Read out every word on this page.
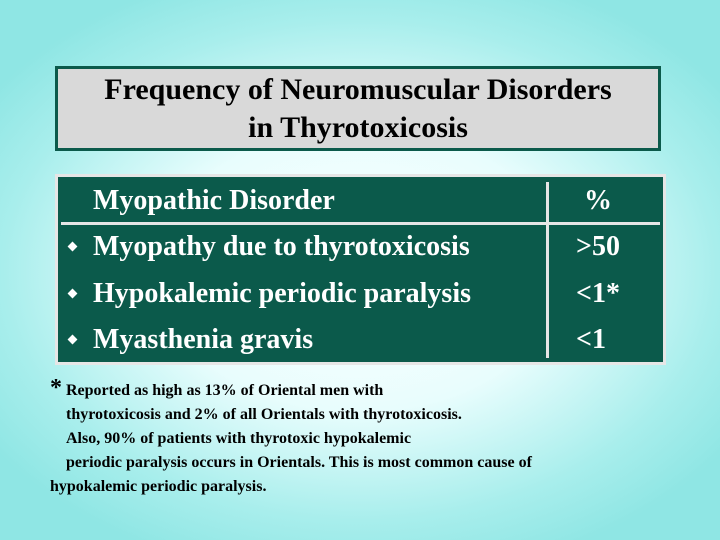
Frequency of Neuromuscular Disorders
in Thyrotoxicosis
Myopathic Disorder	%
Myopathy due to thyrotoxicosis	>50
Hypokalemic periodic paralysis	<1*
Myasthenia gravis	<1
* Reported as high as 13% of Oriental men with
thyrotoxicosis and 2% of all Orientals with thyrotoxicosis.
Also, 90% of patients with thyrotoxic hypokalemic
periodic paralysis occurs in Orientals. This is most common cause of
hypokalemic periodic paralysis.
